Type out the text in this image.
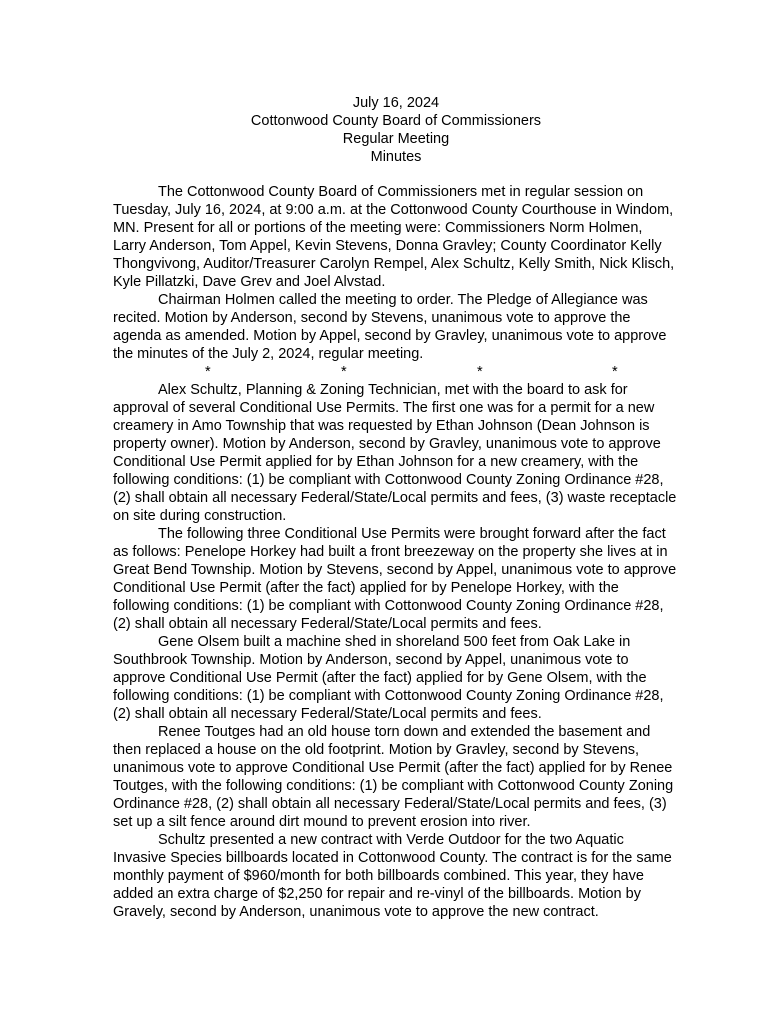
July 16, 2024
Cottonwood County Board of Commissioners
Regular Meeting
Minutes

The Cottonwood County Board of Commissioners met in regular session on Tuesday, July 16, 2024, at 9:00 a.m. at the Cottonwood County Courthouse in Windom, MN. Present for all or portions of the meeting were: Commissioners Norm Holmen, Larry Anderson, Tom Appel, Kevin Stevens, Donna Gravley; County Coordinator Kelly Thongvivong, Auditor/Treasurer Carolyn Rempel, Alex Schultz, Kelly Smith, Nick Klisch, Kyle Pillatzki, Dave Grev and Joel Alvstad.

Chairman Holmen called the meeting to order. The Pledge of Allegiance was recited. Motion by Anderson, second by Stevens, unanimous vote to approve the agenda as amended. Motion by Appel, second by Gravley, unanimous vote to approve the minutes of the July 2, 2024, regular meeting.

*	*	*	*

Alex Schultz, Planning & Zoning Technician, met with the board to ask for approval of several Conditional Use Permits. The first one was for a permit for a new creamery in Amo Township that was requested by Ethan Johnson (Dean Johnson is property owner). Motion by Anderson, second by Gravley, unanimous vote to approve Conditional Use Permit applied for by Ethan Johnson for a new creamery, with the following conditions: (1) be compliant with Cottonwood County Zoning Ordinance #28, (2) shall obtain all necessary Federal/State/Local permits and fees, (3) waste receptacle on site during construction.

The following three Conditional Use Permits were brought forward after the fact as follows: Penelope Horkey had built a front breezeway on the property she lives at in Great Bend Township. Motion by Stevens, second by Appel, unanimous vote to approve Conditional Use Permit (after the fact) applied for by Penelope Horkey, with the following conditions: (1) be compliant with Cottonwood County Zoning Ordinance #28, (2) shall obtain all necessary Federal/State/Local permits and fees.

Gene Olsem built a machine shed in shoreland 500 feet from Oak Lake in Southbrook Township. Motion by Anderson, second by Appel, unanimous vote to approve Conditional Use Permit (after the fact) applied for by Gene Olsem, with the following conditions: (1) be compliant with Cottonwood County Zoning Ordinance #28, (2) shall obtain all necessary Federal/State/Local permits and fees.

Renee Toutges had an old house torn down and extended the basement and then replaced a house on the old footprint. Motion by Gravley, second by Stevens, unanimous vote to approve Conditional Use Permit (after the fact) applied for by Renee Toutges, with the following conditions: (1) be compliant with Cottonwood County Zoning Ordinance #28, (2) shall obtain all necessary Federal/State/Local permits and fees, (3) set up a silt fence around dirt mound to prevent erosion into river.

Schultz presented a new contract with Verde Outdoor for the two Aquatic Invasive Species billboards located in Cottonwood County. The contract is for the same monthly payment of $960/month for both billboards combined. This year, they have added an extra charge of $2,250 for repair and re-vinyl of the billboards. Motion by Gravely, second by Anderson, unanimous vote to approve the new contract.
